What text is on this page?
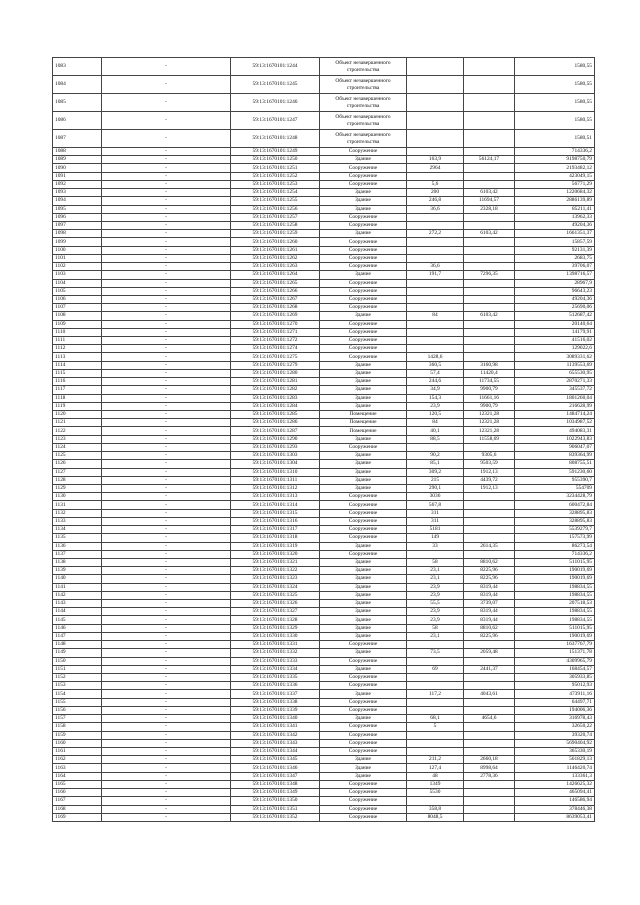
1083	-	59:13:1670101:1244	Объект незавершенного строительства			1580,55
1084	-	59:13:1670101:1245	Объект незавершенного строительства			1580,55
1085	-	59:13:1670101:1246	Объект незавершенного строительства			1580,55
1086	-	59:13:1670101:1247	Объект незавершенного строительства			1580,55
1087	-	59:13:1670101:1248	Объект незавершенного строительства			1580,51
1088	-	59:13:1670101:1249	Сооружение			714336,2
1089	-	59:13:1670101:1250	Здание	163,9	56124,17	9198750,79
1090	-	59:13:1670101:1251	Сооружение	2964		2193482,12
1091	-	59:13:1670101:1252	Сооружение			423049,15
1092	-	59:13:1670101:1253	Сооружение	5,6		56771,29
1093	-	59:13:1670101:1254	Здание	200	6103,42	1220684,32
1094	-	59:13:1670101:1255	Здание	246,8	11694,57	2886139,89
1095	-	59:13:1670101:1256	Здание	36,6	2328,18	85211,41
1096	-	59:13:1670101:1257	Сооружение			13962,33
1097	-	59:13:1670101:1258	Сооружение			49204,36
1098	-	59:13:1670101:1259	Здание	272,2	6103,42	1661351,37
1099	-	59:13:1670101:1260	Сооружение			15857,59
1100	-	59:13:1670101:1261	Сооружение			92131,39
1101	-	59:13:1670101:1262	Сооружение			2683,75
1102	-	59:13:1670101:1263	Сооружение	36,6		39706,07
1103	-	59:13:1670101:1264	Здание	191,7	7296,35	1398716,57
1104	-	59:13:1670101:1265	Сооружение			28967,9
1105	-	59:13:1670101:1266	Сооружение			96643,23
1106	-	59:13:1670101:1267	Сооружение			49204,36
1107	-	59:13:1670101:1268	Сооружение			25690,06
1108	-	59:13:1670101:1269	Здание	84	6103,42	512687,42
1109	-	59:13:1670101:1270	Сооружение			20140,64
1110	-	59:13:1670101:1271	Сооружение			14179,91
1111	-	59:13:1670101:1272	Сооружение			41516,02
1112	-	59:13:1670101:1274	Сооружение			129022,6
1113	-	59:13:1670101:1275	Сооружение	1428,6		3089331,62
1114	-	59:13:1670101:1279	Здание	360,5	3160,98	1139553,69
1115	-	59:13:1670101:1280	Здание	57,4	11420,4	655530,95
1116	-	59:13:1670101:1281	Здание	244,6	11734,55	2870271,33
1117	-	59:13:1670101:1282	Здание	34,9	9900,79	345537,72
1118	-	59:13:1670101:1283	Здание	154,3	11661,16	1801260,04
1119	-	59:13:1670101:1284	Здание	23,9	9900,79	216628,99
1120	-	59:13:1670101:1285	Помещение	120,5	12321,28	1484714,24
1121	-	59:13:1670101:1286	Помещение	84	12321,28	1034987,52
1122	-	59:13:1670101:1287	Помещение	40,1	12321,28	494083,31
1123	-	59:13:1670101:1290	Здание	88,5	11558,69	1022943,83
1124	-	59:13:1670101:1293	Сооружение			906047,07
1125	-	59:13:1670101:1303	Здание	90,2	9305,6	839364,99
1126	-	59:13:1670101:1304	Здание	85,1	9503,59	808755,51
1127	-	59:13:1670101:1310	Здание	309,2	1912,13	591230,60
1128	-	59:13:1670101:1311	Здание	215	4439,72	955390,7
1129	-	59:13:1670101:1312	Здание	290,1	1912,13	554709
1130	-	59:13:1670101:1313	Сооружение	3036		3234428,79
1131	-	59:13:1670101:1314	Сооружение	567,8		600472,84
1132	-	59:13:1670101:1315	Сооружение	311		328895,83
1133	-	59:13:1670101:1316	Сооружение	311		328895,83
1134	-	59:13:1670101:1317	Сооружение	5181		5539279,7
1135	-	59:13:1670101:1318	Сооружение	149		157573,99
1136	-	59:13:1670101:1319	Здание	33	2614,35	86273,54
1137	-	59:13:1670101:1320	Сооружение			714336,2
1138	-	59:13:1670101:1321	Здание	58	8810,62	511015,95
1139	-	59:13:1670101:1322	Здание	23,1	8225,96	190019,69
1140	-	59:13:1670101:1323	Здание	23,1	8225,96	190019,69
1141	-	59:13:1670101:1324	Здание	23,9	8319,44	198834,55
1142	-	59:13:1670101:1325	Здание	23,9	8319,44	198834,55
1143	-	59:13:1670101:1326	Здание	55,5	3739,07	207518,53
1144	-	59:13:1670101:1327	Здание	23,9	8319,44	198834,55
1145	-	59:13:1670101:1328	Здание	23,9	8319,44	198834,55
1146	-	59:13:1670101:1329	Здание	58	8810,62	511015,95
1147	-	59:13:1670101:1330	Здание	23,1	8225,96	190019,69
1148	-	59:13:1670101:1331	Сооружение			1637767,79
1149	-	59:13:1670101:1332	Здание	73,5	2059,48	151371,78
1150	-	59:13:1670101:1333	Сооружение			4309965,79
1151	-	59:13:1670101:1334	Здание	69	2441,37	168454,57
1152	-	59:13:1670101:1335	Сооружение			305933,85
1153	-	59:13:1670101:1336	Сооружение			95012,93
1154	-	59:13:1670101:1337	Здание	117,2	4043,61	473911,16
1155	-	59:13:1670101:1338	Сооружение			64497,71
1156	-	59:13:1670101:1339	Сооружение			194006,36
1157	-	59:13:1670101:1340	Здание	68,1	4654,6	316978,43
1158	-	59:13:1670101:1341	Сооружение	5		32650,22
1159	-	59:13:1670101:1342	Сооружение			39320,74
1160	-	59:13:1670101:1343	Сооружение			5690404,92
1161	-	59:13:1670101:1344	Сооружение			365330,19
1162	-	59:13:1670101:1345	Здание	211,2	2660,18	561829,13
1163	-	59:13:1670101:1346	Здание	127,4	8998,64	1146420,74
1164	-	59:13:1670101:1347	Здание	48	2778,36	133361,3
1165	-	59:13:1670101:1348	Сооружение	1349		1426625,32
1166	-	59:13:1670101:1349	Сооружение	5530		465094,41
1167	-	59:13:1670101:1350	Сооружение			146586,94
1168	-	59:13:1670101:1351	Сооружение	358,8		378446,38
1169	-	59:13:1670101:1352	Сооружение	8048,5		8639053,41
